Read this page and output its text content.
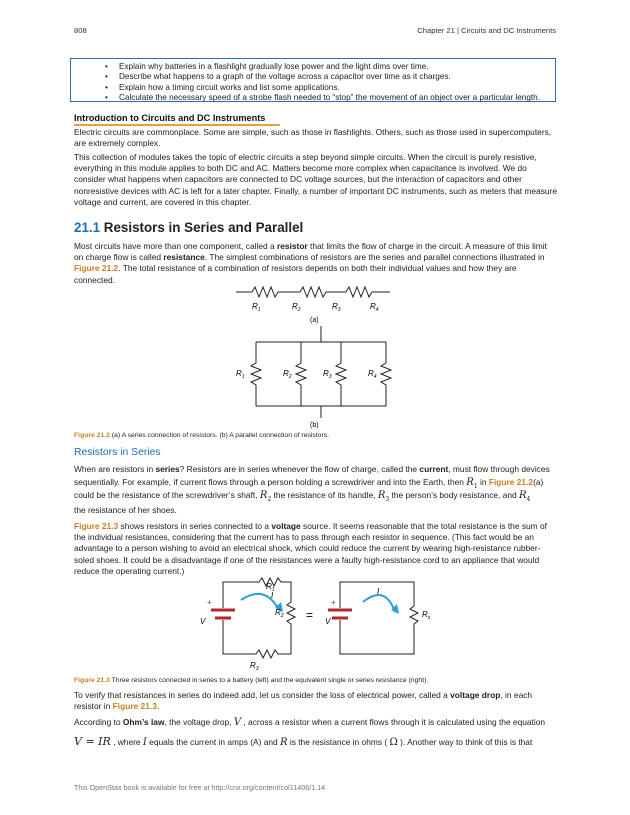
808	Chapter 21 | Circuits and DC Instruments
• Explain why batteries in a flashlight gradually lose power and the light dims over time.
• Describe what happens to a graph of the voltage across a capacitor over time as it charges.
• Explain how a timing circuit works and list some applications.
• Calculate the necessary speed of a strobe flash needed to “stop” the movement of an object over a particular length.
Introduction to Circuits and DC Instruments
Electric circuits are commonplace. Some are simple, such as those in flashlights. Others, such as those used in supercomputers, are extremely complex.
This collection of modules takes the topic of electric circuits a step beyond simple circuits. When the circuit is purely resistive, everything in this module applies to both DC and AC. Matters become more complex when capacitance is involved. We do consider what happens when capacitors are connected to DC voltage sources, but the interaction of capacitors and other nonresistive devices with AC is left for a later chapter. Finally, a number of important DC instruments, such as meters that measure voltage and current, are covered in this chapter.
21.1 Resistors in Series and Parallel
Most circuits have more than one component, called a resistor that limits the flow of charge in the circuit. A measure of this limit on charge flow is called resistance. The simplest combinations of resistors are the series and parallel connections illustrated in Figure 21.2. The total resistance of a combination of resistors depends on both their individual values and how they are connected.
$R_1$	$R_2$	$R_3$	$R_4$
(a)
$R_1$	$R_2$	$R_3$	$R_4$
(b)
Figure 21.2 (a) A series connection of resistors. (b) A parallel connection of resistors.
Resistors in Series
When are resistors in series? Resistors are in series whenever the flow of charge, called the current, must flow through devices sequentially. For example, if current flows through a person holding a screwdriver and into the Earth, then $R_1$ in Figure 21.2(a)
could be the resistance of the screwdriver’s shaft, $R_2$ the resistance of its handle, $R_3$ the person’s body resistance, and $R_4$
the resistance of her shoes.
Figure 21.3 shows resistors in series connected to a voltage source. It seems reasonable that the total resistance is the sum of the individual resistances, considering that the current has to pass through each resistor in sequence. (This fact would be an advantage to a person wishing to avoid an electrical shock, which could reduce the current by wearing high-resistance rubber-soled shoes. It could be a disadvantage if one of the resistances were a faulty high-resistance cord to an appliance that would reduce the operating current.)
+
V
I
$R_1$
$R_2$
$R_3$
=
+
V
I
$R_s$
Figure 21.3 Three resistors connected in series to a battery (left) and the equivalent single or series resistance (right).
To verify that resistances in series do indeed add, let us consider the loss of electrical power, called a voltage drop, in each resistor in Figure 21.3.
According to Ohm’s law, the voltage drop, V , across a resistor when a current flows through it is calculated using the equation
V = IR , where I equals the current in amps (A) and R is the resistance in ohms ( Ω ). Another way to think of this is that
This OpenStax book is available for free at http://cnx.org/content/col11406/1.14
